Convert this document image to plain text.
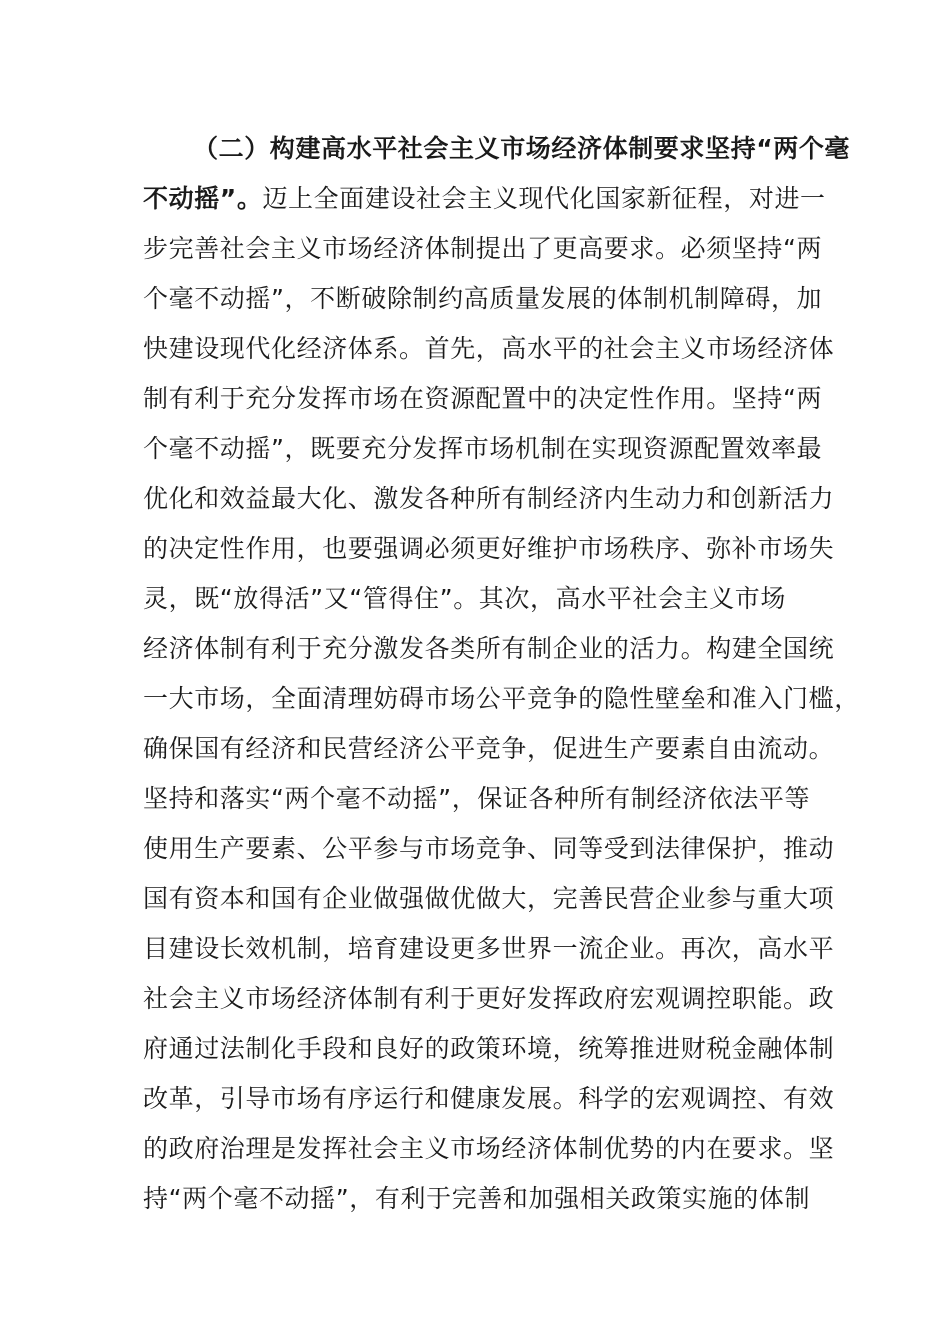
（二）构建高水平社会主义市场经济体制要求坚持“两个毫
不动摇”。迈上全面建设社会主义现代化国家新征程，对进一
步完善社会主义市场经济体制提出了更高要求。必须坚持“两
个毫不动摇”，不断破除制约高质量发展的体制机制障碍，加
快建设现代化经济体系。首先，高水平的社会主义市场经济体
制有利于充分发挥市场在资源配置中的决定性作用。坚持“两
个毫不动摇”，既要充分发挥市场机制在实现资源配置效率最
优化和效益最大化、激发各种所有制经济内生动力和创新活力
的决定性作用，也要强调必须更好维护市场秩序、弥补市场失
灵，既“放得活”又“管得住”。其次，高水平社会主义市场
经济体制有利于充分激发各类所有制企业的活力。构建全国统
一大市场，全面清理妨碍市场公平竞争的隐性壁垒和准入门槛，
确保国有经济和民营经济公平竞争，促进生产要素自由流动。
坚持和落实“两个毫不动摇”，保证各种所有制经济依法平等
使用生产要素、公平参与市场竞争、同等受到法律保护，推动
国有资本和国有企业做强做优做大，完善民营企业参与重大项
目建设长效机制，培育建设更多世界一流企业。再次，高水平
社会主义市场经济体制有利于更好发挥政府宏观调控职能。政
府通过法制化手段和良好的政策环境，统筹推进财税金融体制
改革，引导市场有序运行和健康发展。科学的宏观调控、有效
的政府治理是发挥社会主义市场经济体制优势的内在要求。坚
持“两个毫不动摇”，有利于完善和加强相关政策实施的体制
